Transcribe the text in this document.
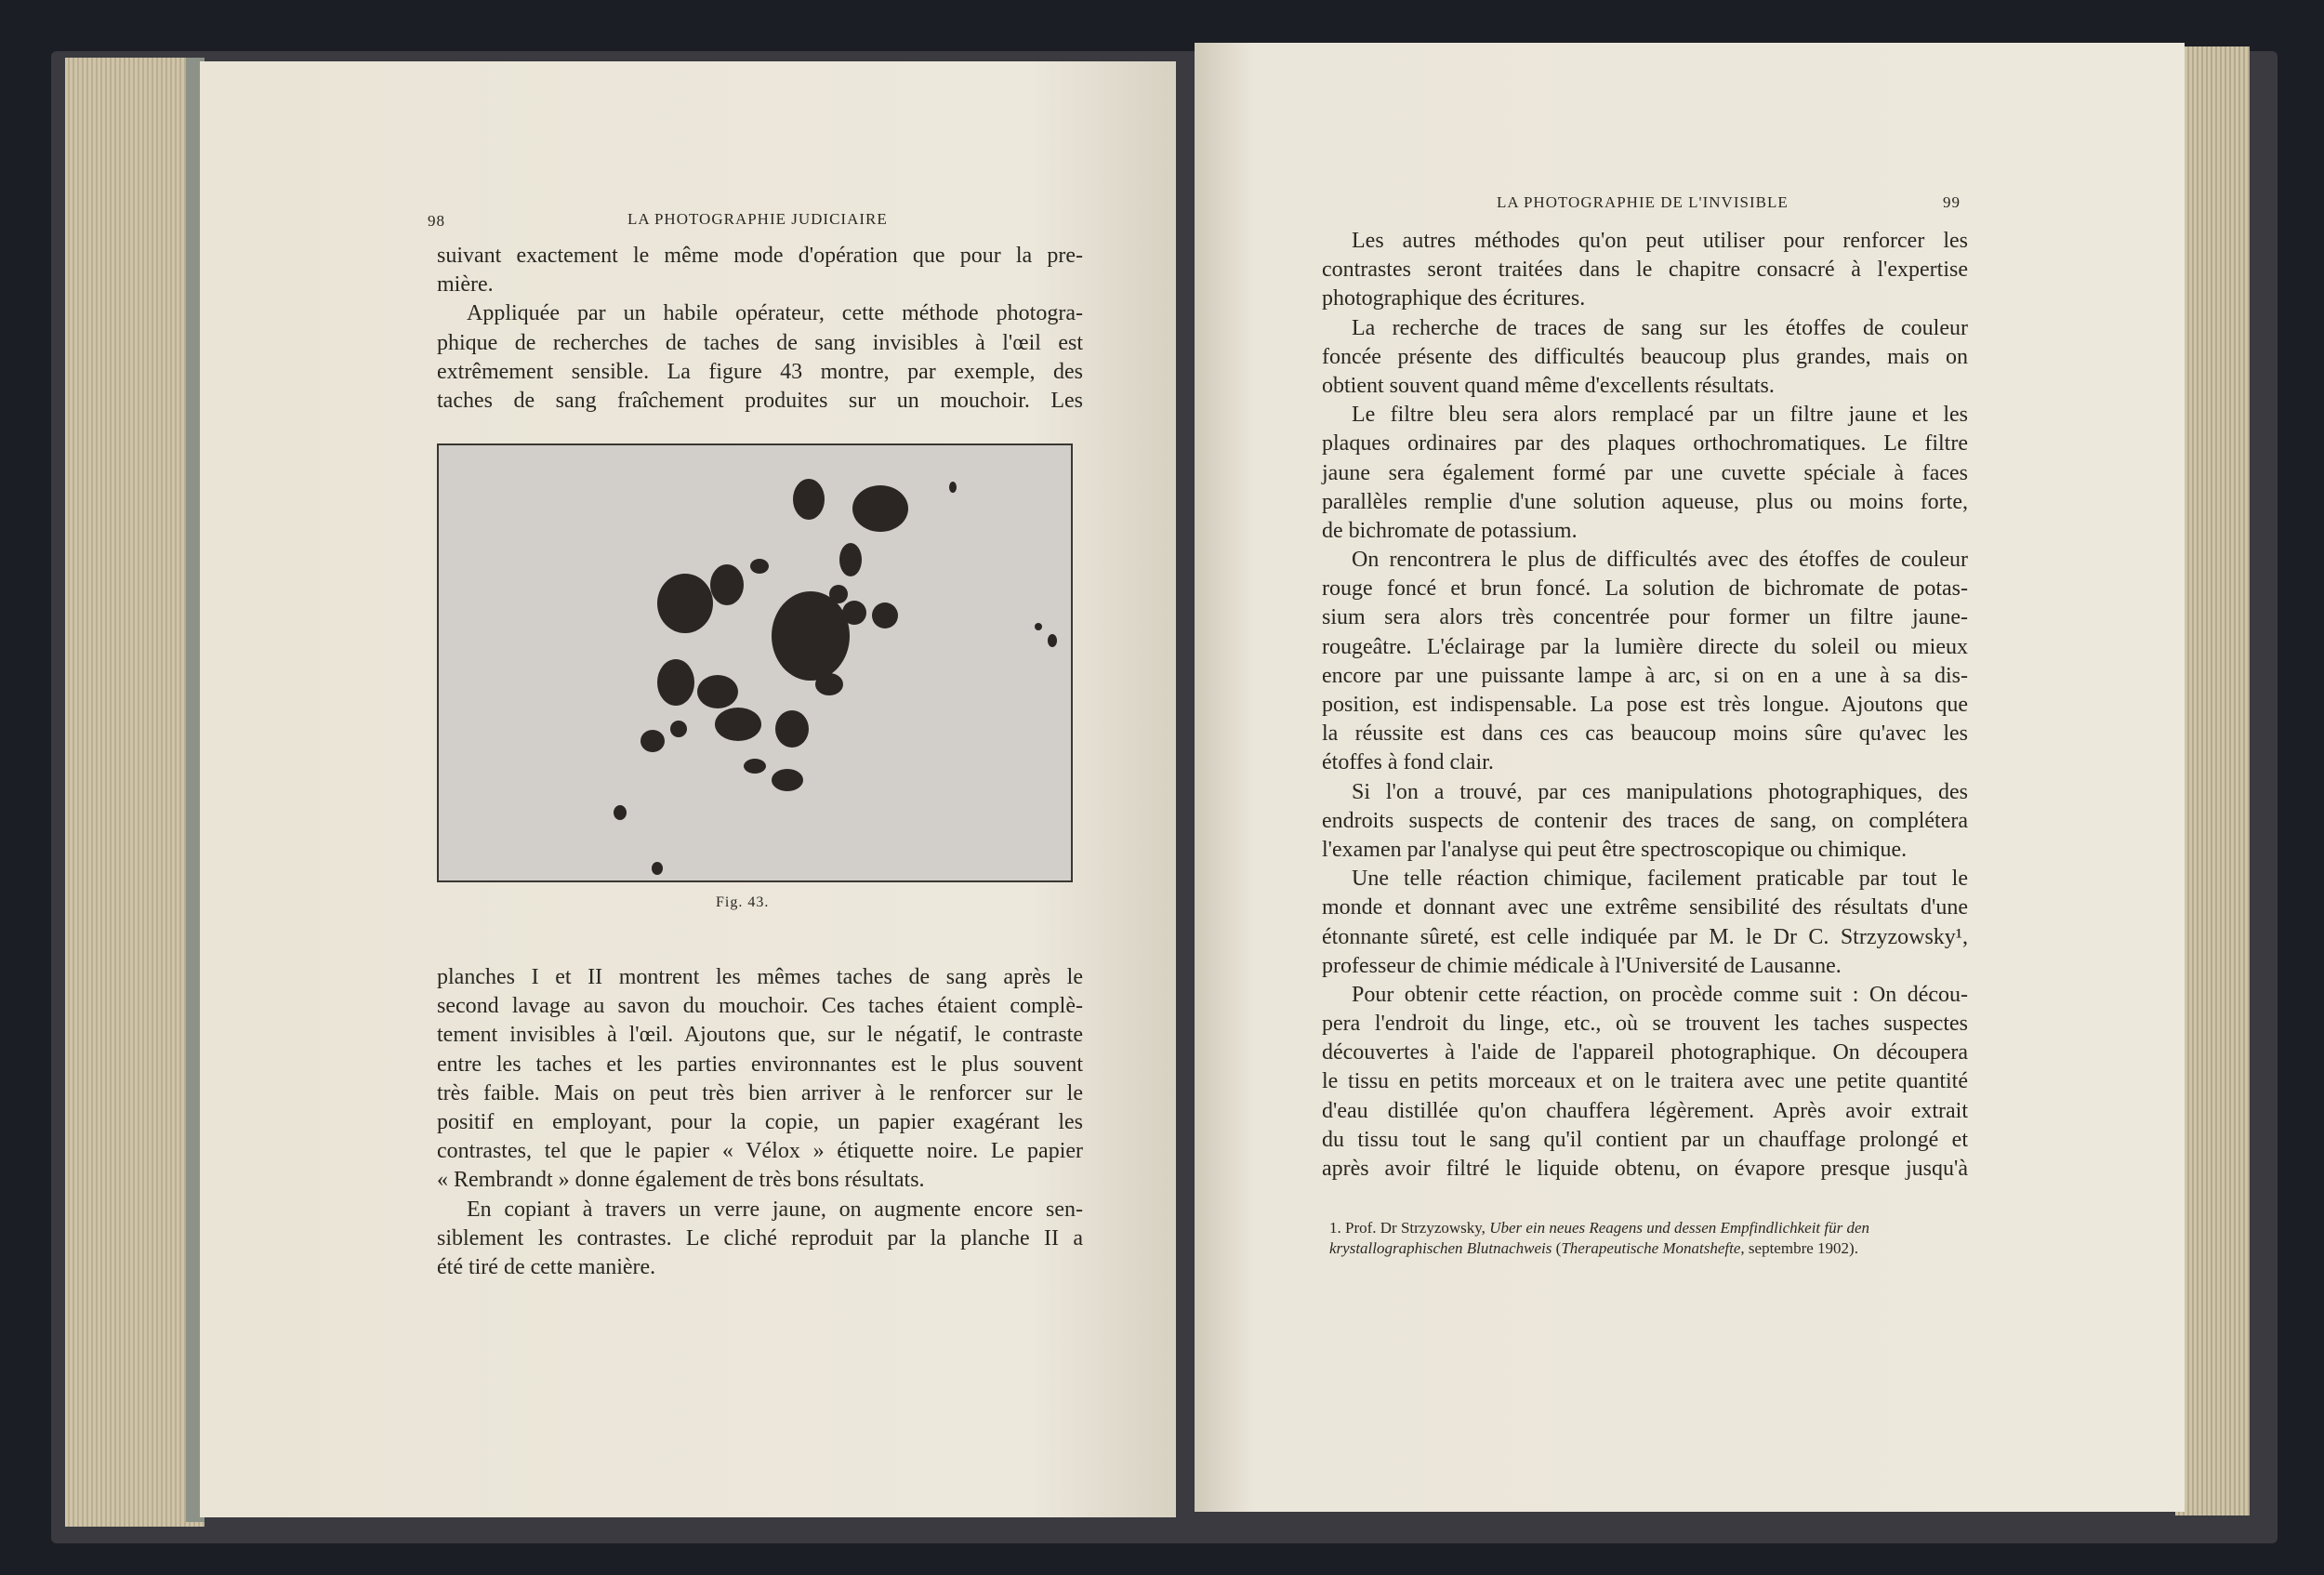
98	LA PHOTOGRAPHIE JUDICIAIRE
suivant exactement le même mode d'opération que pour la pre-
mière.
Appliquée par un habile opérateur, cette méthode photogra-
phique de recherches de taches de sang invisibles à l'œil est
extrêmement sensible. La figure 43 montre, par exemple, des
taches de sang fraîchement produites sur un mouchoir. Les
Fig. 43.
planches I et II montrent les mêmes taches de sang après le
second lavage au savon du mouchoir. Ces taches étaient complè-
tement invisibles à l'œil. Ajoutons que, sur le négatif, le contraste
entre les taches et les parties environnantes est le plus souvent
très faible. Mais on peut très bien arriver à le renforcer sur le
positif en employant, pour la copie, un papier exagérant les
contrastes, tel que le papier « Vélox » étiquette noire. Le papier
« Rembrandt » donne également de très bons résultats.
En copiant à travers un verre jaune, on augmente encore sen-
siblement les contrastes. Le cliché reproduit par la planche II a
été tiré de cette manière.
LA PHOTOGRAPHIE DE L'INVISIBLE	99
Les autres méthodes qu'on peut utiliser pour renforcer les
contrastes seront traitées dans le chapitre consacré à l'expertise
photographique des écritures.
La recherche de traces de sang sur les étoffes de couleur
foncée présente des difficultés beaucoup plus grandes, mais on
obtient souvent quand même d'excellents résultats.
Le filtre bleu sera alors remplacé par un filtre jaune et les
plaques ordinaires par des plaques orthochromatiques. Le filtre
jaune sera également formé par une cuvette spéciale à faces
parallèles remplie d'une solution aqueuse, plus ou moins forte,
de bichromate de potassium.
On rencontrera le plus de difficultés avec des étoffes de couleur
rouge foncé et brun foncé. La solution de bichromate de potas-
sium sera alors très concentrée pour former un filtre jaune-
rougeâtre. L'éclairage par la lumière directe du soleil ou mieux
encore par une puissante lampe à arc, si on en a une à sa dis-
position, est indispensable. La pose est très longue. Ajoutons que
la réussite est dans ces cas beaucoup moins sûre qu'avec les
étoffes à fond clair.
Si l'on a trouvé, par ces manipulations photographiques, des
endroits suspects de contenir des traces de sang, on complétera
l'examen par l'analyse qui peut être spectroscopique ou chimique.
Une telle réaction chimique, facilement praticable par tout le
monde et donnant avec une extrême sensibilité des résultats d'une
étonnante sûreté, est celle indiquée par M. le Dr C. Strzyzowsky¹,
professeur de chimie médicale à l'Université de Lausanne.
Pour obtenir cette réaction, on procède comme suit : On décou-
pera l'endroit du linge, etc., où se trouvent les taches suspectes
découvertes à l'aide de l'appareil photographique. On découpera
le tissu en petits morceaux et on le traitera avec une petite quantité
d'eau distillée qu'on chauffera légèrement. Après avoir extrait
du tissu tout le sang qu'il contient par un chauffage prolongé et
après avoir filtré le liquide obtenu, on évapore presque jusqu'à
1. Prof. Dr Strzyzowsky, Uber ein neues Reagens und dessen Empfindlichkeit für den krystallographischen Blutnachweis (Therapeutische Monatshefte, septembre 1902).
